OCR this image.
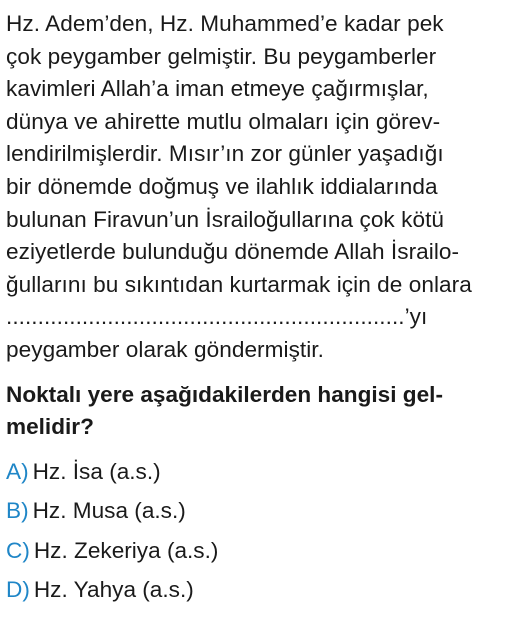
Hz. Adem’den, Hz. Muhammed’e kadar pek
çok peygamber gelmiştir. Bu peygamberler
kavimleri Allah’a iman etmeye çağırmışlar,
dünya ve ahirette mutlu olmaları için görev-
lendirilmişlerdir. Mısır’ın zor günler yaşadığı
bir dönemde doğmuş ve ilahlık iddialarında
bulunan Firavun’un İsrailoğullarına çok kötü
eziyetlerde bulunduğu dönemde Allah İsrailo-
ğullarını bu sıkıntıdan kurtarmak için de onlara
...............................................................’yı
peygamber olarak göndermiştir.

Noktalı yere aşağıdakilerden hangisi gel-
melidir?

A) Hz. İsa (a.s.)
B) Hz. Musa (a.s.)
C) Hz. Zekeriya (a.s.)
D) Hz. Yahya (a.s.)
